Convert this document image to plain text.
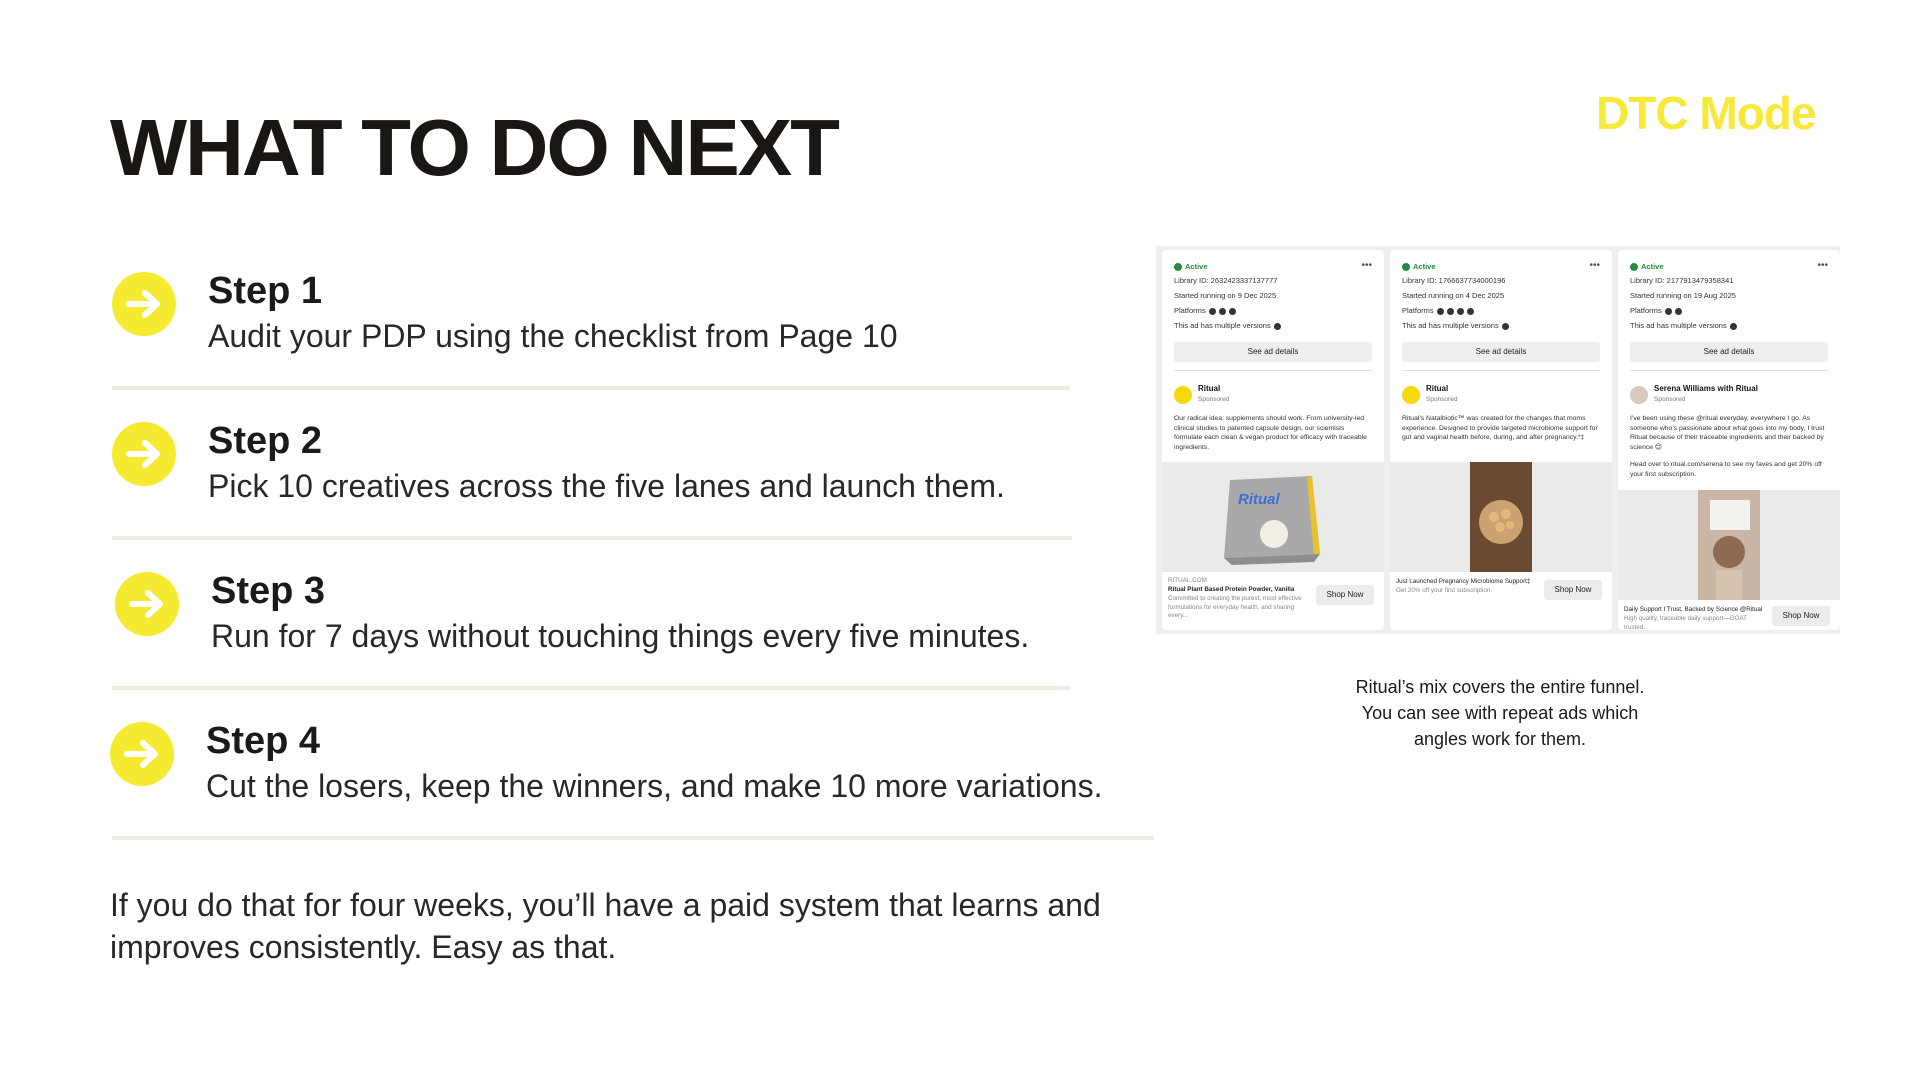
WHAT TO DO NEXT	DTC Mode
Step 1
Audit your PDP using the checklist from Page 10
Step 2
Pick 10 creatives across the five lanes and launch them.
Step 3
Run for 7 days without touching things every five minutes.
Step 4
Cut the losers, keep the winners, and make 10 more variations.
If you do that for four weeks, you’ll have a paid system that learns and improves consistently. Easy as that.
Active	•••
Library ID: 2632423337137777
Started running on 9 Dec 2025
Platforms
This ad has multiple versions
See ad details
Ritual
Sponsored
Our radical idea: supplements should work. From university-led clinical studies to patented capsule design, our scientists formulate each clean & vegan product for efficacy with traceable ingredients.
Ritual
RITUAL.COM
Ritual Plant Based Protein Powder, Vanilla
Committed to creating the purest, most effective formulations for everyday health, and sharing every...
Shop Now
Active	•••
Library ID: 1766637734000196
Started running on 4 Dec 2025
Platforms
This ad has multiple versions
See ad details
Ritual
Sponsored
Ritual’s Natalbiotic™ was created for the changes that moms experience. Designed to provide targeted microbiome support for gut and vaginal health before, during, and after pregnancy.*‡
Just Launched Pregnancy Microbiome Support‡
Get 20% off your first subscription.	Shop Now
Active	•••
Library ID: 2177913479358341
Started running on 19 Aug 2025
Platforms
This ad has multiple versions
See ad details
Serena Williams with Ritual
Sponsored
I’ve been using these @ritual everyday, everywhere I go. As someone who’s passionate about what goes into my body, I trust Ritual because of their traceable ingredients and their backed by science 😊
Head over to ritual.com/serena to see my faves and get 20% off your first subscription.
Daily Support I Trust, Backed by Science @Ritual
High quality, traceable daily support—GOAT trusted.
Shop Now
Ritual’s mix covers the entire funnel. You can see with repeat ads which angles work for them.
